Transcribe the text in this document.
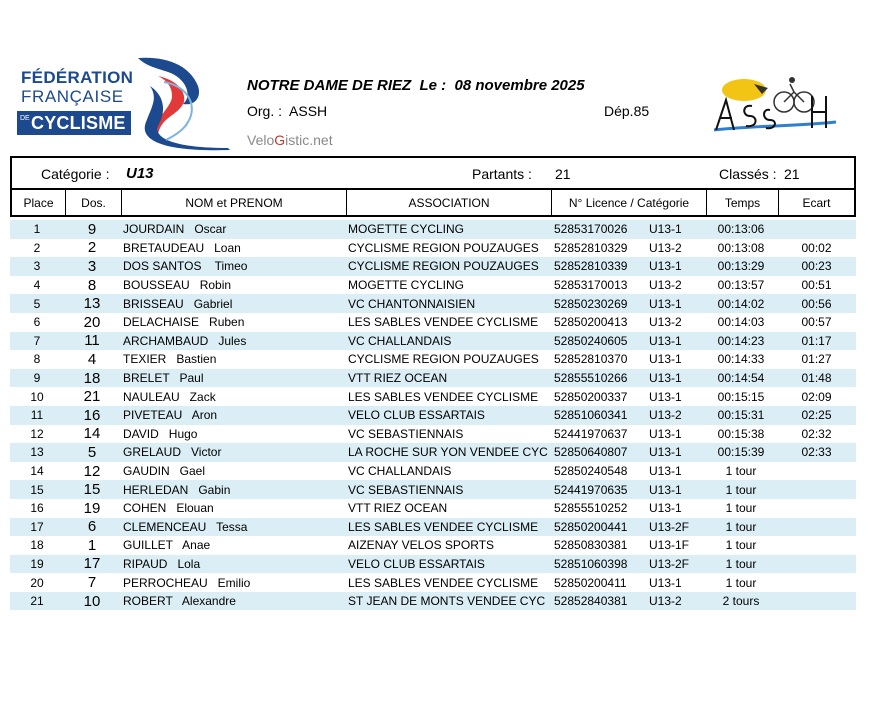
FÉDÉRATION
FRANÇAISE
DE CYCLISME
NOTRE DAME DE RIEZ  Le :  08 novembre 2025
Org. :  ASSH	Dép.85
VeloGistic.net
Catégorie : U13	Partants : 21	Classés : 21
Place	Dos.	NOM et PRENOM	ASSOCIATION	N° Licence / Catégorie	Temps	Ecart
1	9	JOURDAIN   Oscar	MOGETTE CYCLING	52853170026	U13-1	00:13:06
2	2	BRETAUDEAU   Loan	CYCLISME REGION POUZAUGES	52852810329	U13-2	00:13:08	00:02
3	3	DOS SANTOS    Timeo	CYCLISME REGION POUZAUGES	52852810339	U13-1	00:13:29	00:23
4	8	BOUSSEAU   Robin	MOGETTE CYCLING	52853170013	U13-2	00:13:57	00:51
5	13	BRISSEAU   Gabriel	VC CHANTONNAISIEN	52850230269	U13-1	00:14:02	00:56
6	20	DELACHAISE   Ruben	LES SABLES VENDEE CYCLISME	52850200413	U13-2	00:14:03	00:57
7	11	ARCHAMBAUD   Jules	VC CHALLANDAIS	52850240605	U13-1	00:14:23	01:17
8	4	TEXIER   Bastien	CYCLISME REGION POUZAUGES	52852810370	U13-1	00:14:33	01:27
9	18	BRELET   Paul	VTT RIEZ OCEAN	52855510266	U13-1	00:14:54	01:48
10	21	NAULEAU   Zack	LES SABLES VENDEE CYCLISME	52850200337	U13-1	00:15:15	02:09
11	16	PIVETEAU   Aron	VELO CLUB ESSARTAIS	52851060341	U13-2	00:15:31	02:25
12	14	DAVID   Hugo	VC SEBASTIENNAIS	52441970637	U13-1	00:15:38	02:32
13	5	GRELAUD   Victor	LA ROCHE SUR YON VENDEE CYC 52850640807	U13-1	00:15:39	02:33
14	12	GAUDIN   Gael	VC CHALLANDAIS	52850240548	U13-1	1 tour
15	15	HERLEDAN   Gabin	VC SEBASTIENNAIS	52441970635	U13-1	1 tour
16	19	COHEN   Elouan	VTT RIEZ OCEAN	52855510252	U13-1	1 tour
17	6	CLEMENCEAU   Tessa	LES SABLES VENDEE CYCLISME	52850200441	U13-2F	1 tour
18	1	GUILLET   Anae	AIZENAY VELOS SPORTS	52850830381	U13-1F	1 tour
19	17	RIPAUD   Lola	VELO CLUB ESSARTAIS	52851060398	U13-2F	1 tour
20	7	PERROCHEAU   Emilio	LES SABLES VENDEE CYCLISME	52850200411	U13-1	1 tour
21	10	ROBERT   Alexandre	ST JEAN DE MONTS VENDEE CYC 52852840381	U13-2	2 tours
